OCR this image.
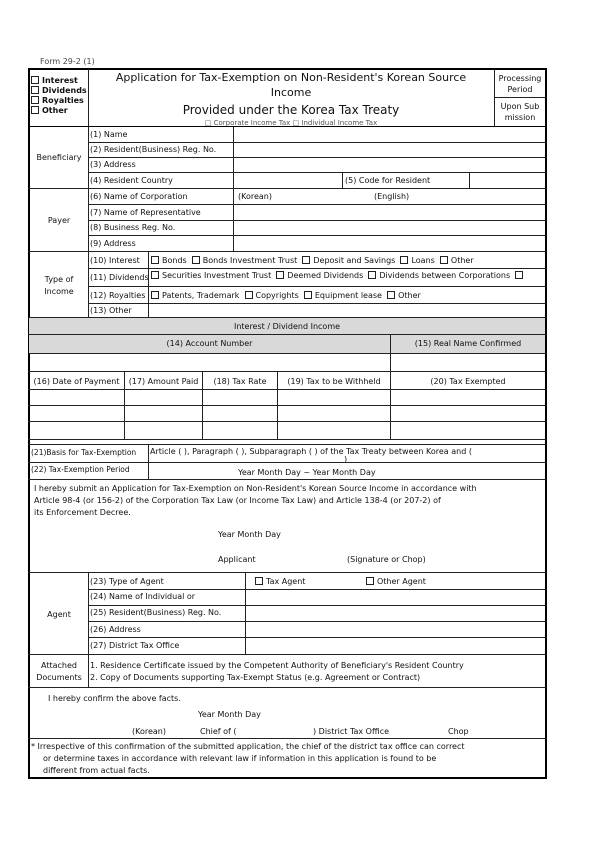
Form 29-2 (1)
Interest
Dividends
Royalties
Other
Application for Tax-Exemption on Non-Resident's Korean Source
Income
Provided under the Korea Tax Treaty
□ Corporate Income Tax □ Individual Income Tax
Processing Period
Upon Sub mission
Beneficiary
(1) Name
(2) Resident(Business) Reg. No.
(3) Address
(4) Resident Country	(5) Code for Resident
Payer
(6) Name of Corporation	(Korean)	(English)
(7) Name of Representative
(8) Business Reg. No.
(9) Address
Type of
Income
(10) Interest	Bonds Bonds Investment Trust Deposit and Savings Loans Other
(11) Dividends	Securities Investment Trust Deemed Dividends Dividends between Corporations
(12) Royalties	Patents, Trademark Copyrights Equipment lease Other
(13) Other
Interest / Dividend Income
(14) Account Number	(15) Real Name Confirmed
(16) Date of Payment	(17) Amount Paid	(18) Tax Rate	(19) Tax to be Withheld	(20) Tax Exempted
(21)Basis for Tax-Exemption	Article ( ), Paragraph ( ), Subparagraph ( ) of the Tax Treaty between Korea and (
)
(22) Tax-Exemption Period	Year Month Day ~ Year Month Day
I hereby submit an Application for Tax-Exemption on Non-Resident's Korean Source Income in accordance with
Article 98-4 (or 156-2) of the Corporation Tax Law (or Income Tax Law) and Article 138-4 (or 207-2) of
its Enforcement Decree.
Year Month Day
Applicant	(Signature or Chop)
Agent
(23) Type of Agent	Tax Agent	Other Agent
(24) Name of Individual or
(25) Resident(Business) Reg. No.
(26) Address
(27) District Tax Office
Attached
Documents
1. Residence Certificate issued by the Competent Authority of Beneficiary's Resident Country
2. Copy of Documents supporting Tax-Exempt Status (e.g. Agreement or Contract)
I hereby confirm the above facts.
Year Month Day
(Korean)	Chief of (	) District Tax Office	Chop
* Irrespective of this confirmation of the submitted application, the chief of the district tax office can correct
or determine taxes in accordance with relevant law if information in this application is found to be
different from actual facts.
